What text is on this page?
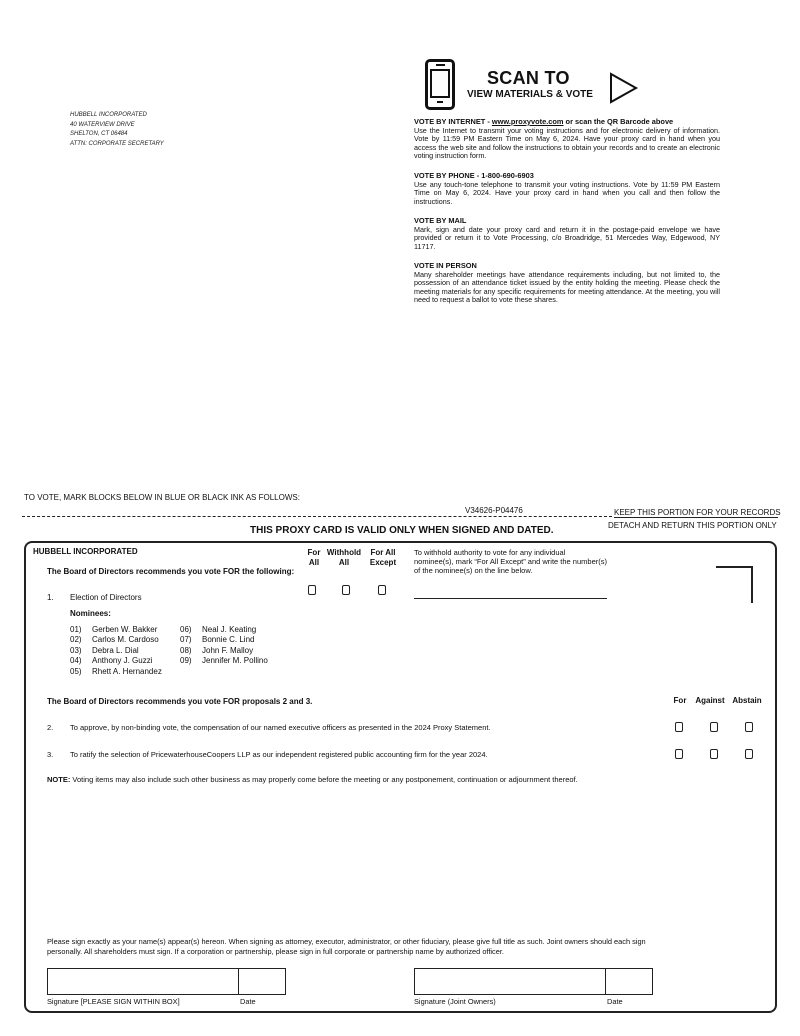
HUBBELL INCORPORATED
40 WATERVIEW DRIVE
SHELTON, CT 06484
ATTN: CORPORATE SECRETARY
SCAN TO
VIEW MATERIALS & VOTE
VOTE BY INTERNET - www.proxyvote.com or scan the QR Barcode above

Use the Internet to transmit your voting instructions and for electronic delivery of information. Vote by 11:59 PM Eastern Time on May 6, 2024. Have your proxy card in hand when you access the web site and follow the instructions to obtain your records and to create an electronic voting instruction form.

VOTE BY PHONE - 1-800-690-6903

Use any touch-tone telephone to transmit your voting instructions. Vote by 11:59 PM Eastern Time on May 6, 2024. Have your proxy card in hand when you call and then follow the instructions.

VOTE BY MAIL

Mark, sign and date your proxy card and return it in the postage-paid envelope we have provided or return it to Vote Processing, c/o Broadridge, 51 Mercedes Way, Edgewood, NY 11717.

VOTE IN PERSON

Many shareholder meetings have attendance requirements including, but not limited to, the possession of an attendance ticket issued by the entity holding the meeting. Please check the meeting materials for any specific requirements for meeting attendance. At the meeting, you will need to request a ballot to vote these shares.

TO VOTE, MARK BLOCKS BELOW IN BLUE OR BLACK INK AS FOLLOWS:
V34626-P04476	KEEP THIS PORTION FOR YOUR RECORDS
DETACH AND RETURN THIS PORTION ONLY
THIS PROXY CARD IS VALID ONLY WHEN SIGNED AND DATED.
HUBBELL INCORPORATED
The Board of Directors recommends you vote FOR the following:
1. Election of Directors
Nominees:
01) Gerben W. Bakker
02) Carlos M. Cardoso
03) Debra L. Dial
04) Anthony J. Guzzi
05) Rhett A. Hernandez
06) Neal J. Keating
07) Bonnie C. Lind
08) John F. Malloy
09) Jennifer M. Pollino
For
All
Withhold
All
For All
Except
To withhold authority to vote for any individual nominee(s), mark “For All Except” and write the number(s) of the nominee(s) on the line below.
The Board of Directors recommends you vote FOR proposals 2 and 3.	For	Against Abstain
2. To approve, by non-binding vote, the compensation of our named executive officers as presented in the 2024 Proxy Statement.
3. To ratify the selection of PricewaterhouseCoopers LLP as our independent registered public accounting firm for the year 2024.
NOTE: Voting items may also include such other business as may properly come before the meeting or any postponement, continuation or adjournment thereof.
Please sign exactly as your name(s) appear(s) hereon. When signing as attorney, executor, administrator, or other fiduciary, please give full title as such. Joint owners should each sign personally. All shareholders must sign. If a corporation or partnership, please sign in full corporate or partnership name by authorized officer.
Signature [PLEASE SIGN WITHIN BOX]	Date	Signature (Joint Owners)	Date
